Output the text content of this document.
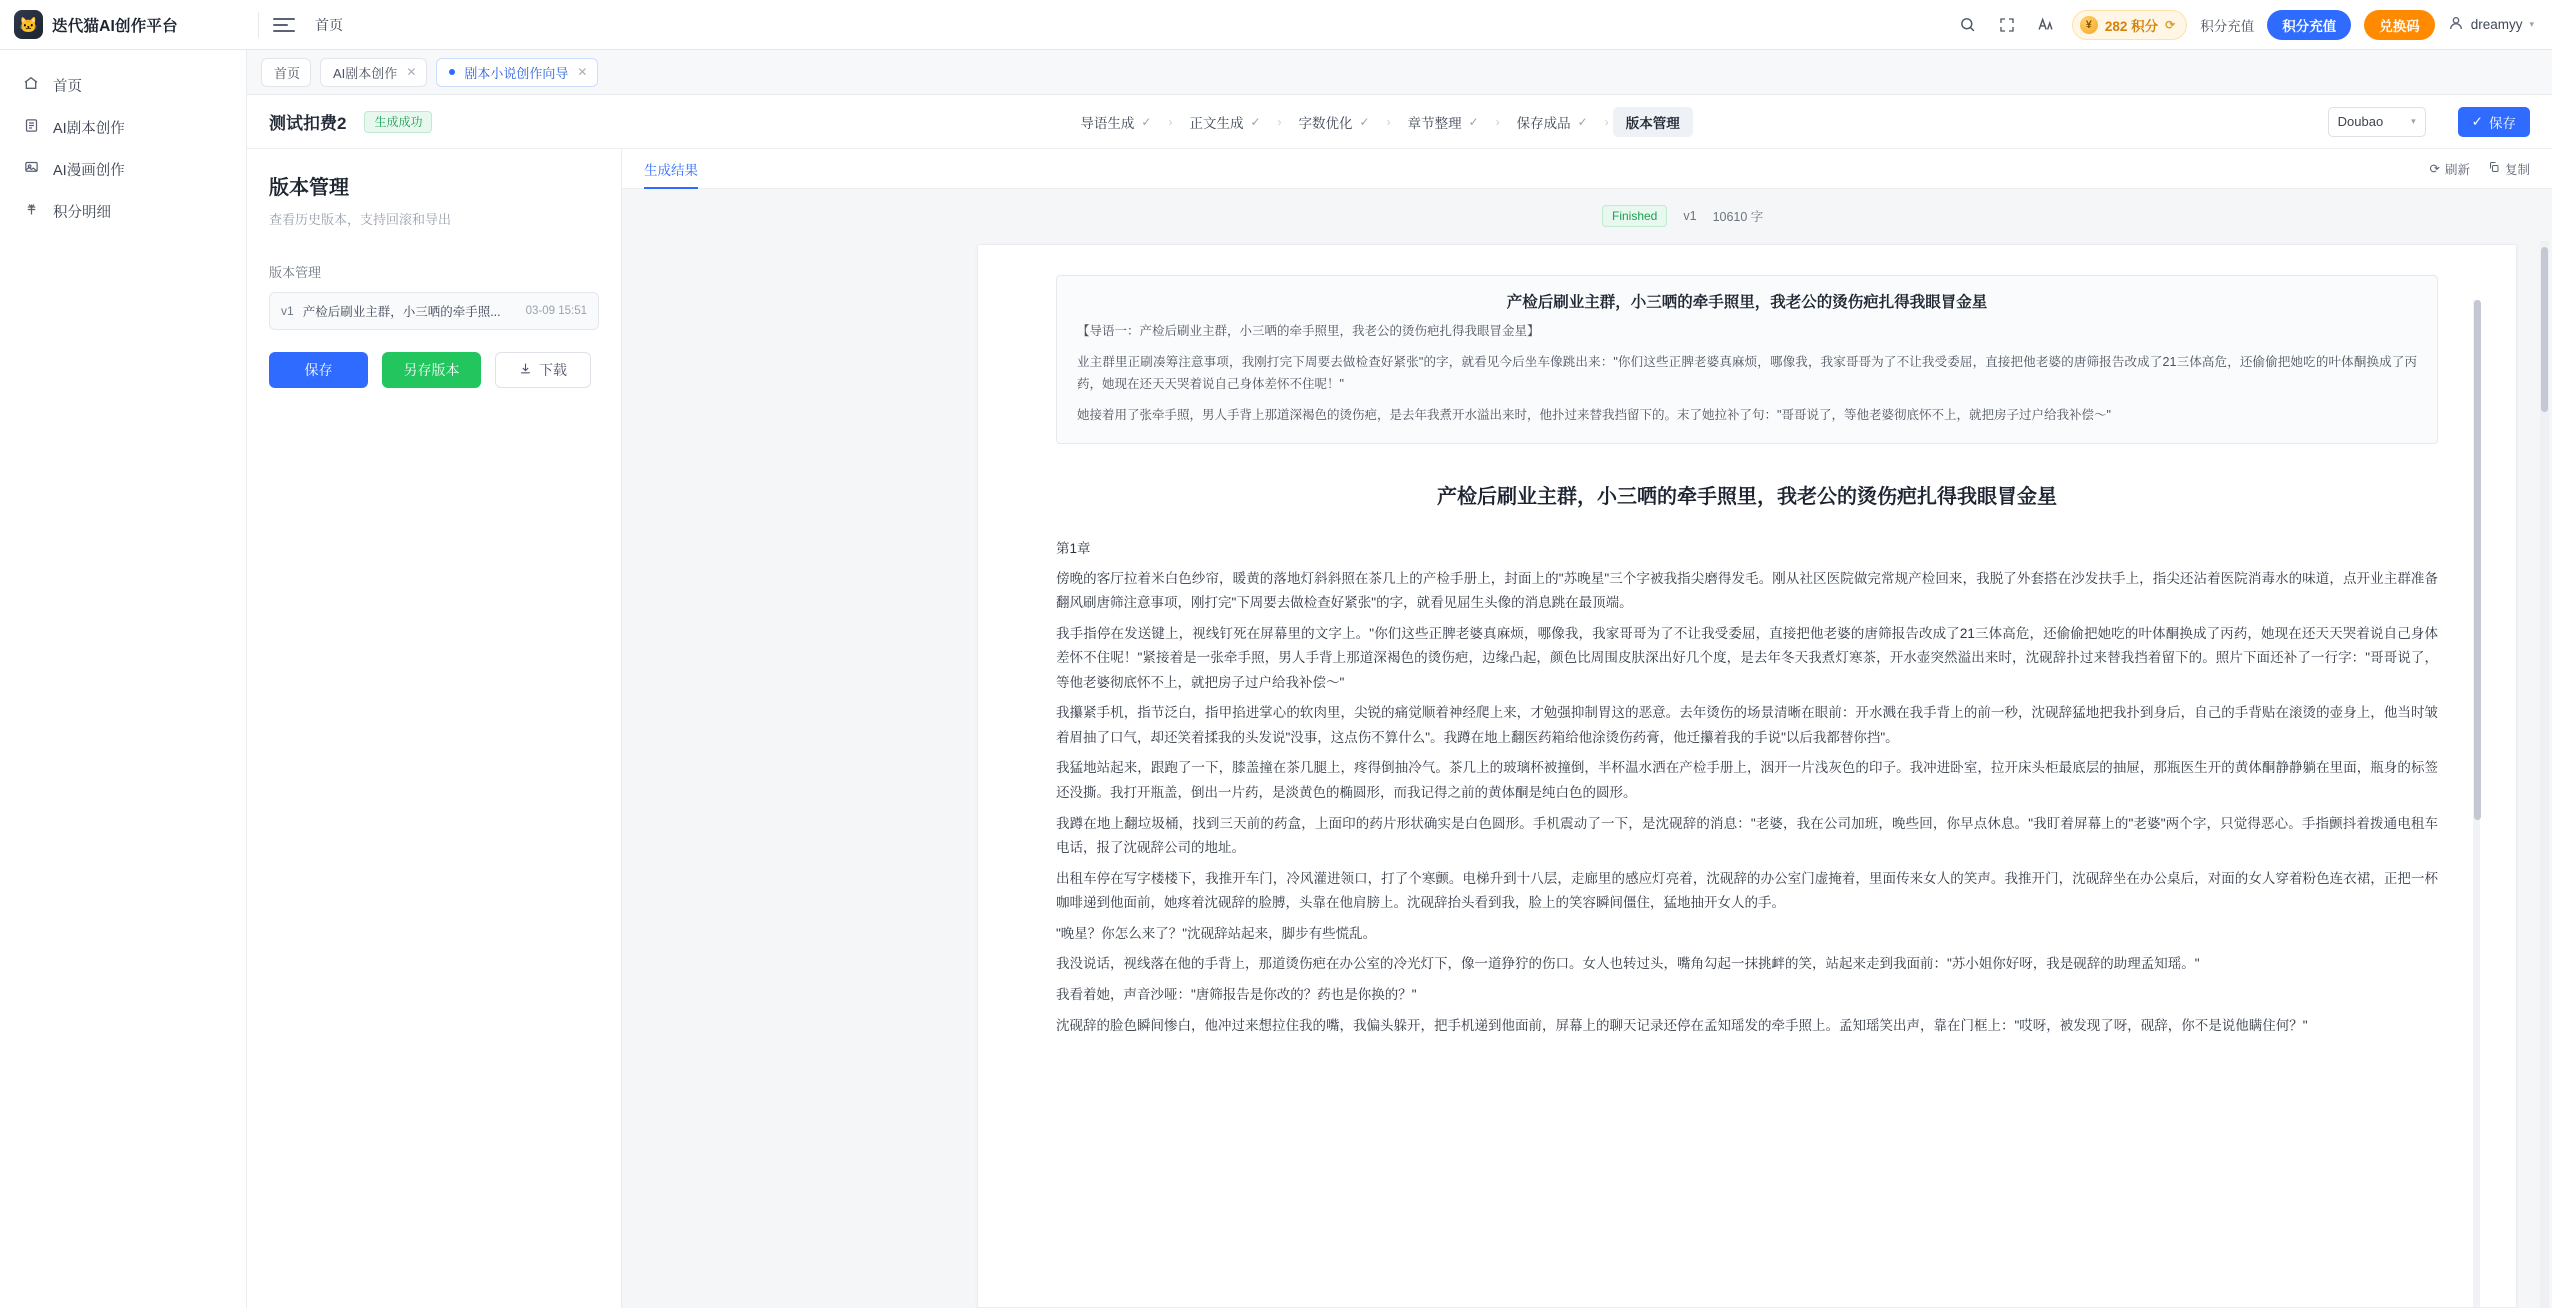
🐱 迭代猫AI创作平台	首页	¥ 282 积分 ⟳ 积分充值	积分充值	兑换码	dreamyy ▾
首页
AI剧本创作
AI漫画创作
积分明细
首页	AI剧本创作 ✕	剧本小说创作向导 ✕
测试扣费2	生成成功	导语生成 ✓ › 正文生成 ✓ › 字数优化 ✓ › 章节整理 ✓ › 保存成品 ✓ › 版本管理	Doubao	▾	✓ 保存
版本管理
查看历史版本，支持回滚和导出
版本管理
v1 产检后刷业主群，小三哂的牵手照...	03-09 15:51
保存	另存版本	下载
生成结果	⟳ 刷新	复制
Finished	v1 10610 字
产检后刷业主群，小三哂的牵手照里，我老公的烫伤疤扎得我眼冒金星

【导语一：产检后刷业主群，小三哂的牵手照里，我老公的烫伤疤扎得我眼冒金星】

业主群里正刷凑筹注意事项，我刚打完下周要去做检查好紧张"的字，就看见今后坐车像跳出来："你们这些正脾老婆真麻烦，哪像我，我家哥哥为了不让我受委屈，直接把他老婆的唐筛报告改成了21三体高危，还偷偷把她吃的叶体酮换成了丙药，她现在还天天哭着说自己身体差怀不住呢！"

她接着用了张牵手照，男人手背上那道深褐色的烫伤疤，是去年我煮开水溢出来时，他扑过来替我挡留下的。末了她拉补了句："哥哥说了，等他老婆彻底怀不上，就把房子过户给我补偿～"

产检后刷业主群，小三哂的牵手照里，我老公的烫伤疤扎得我眼冒金星
第1章

傍晚的客厅拉着米白色纱帘，暖黄的落地灯斜斜照在茶几上的产检手册上，封面上的"苏晚星"三个字被我指尖磨得发毛。刚从社区医院做完常规产检回来，我脱了外套搭在沙发扶手上，指尖还沾着医院消毒水的味道，点开业主群准备翻风刷唐筛注意事项，刚打完"下周要去做检查好紧张"的字，就看见屈生头像的消息跳在最顶端。

我手指停在发送键上，视线钉死在屏幕里的文字上。"你们这些正脾老婆真麻烦，哪像我，我家哥哥为了不让我受委屈，直接把他老婆的唐筛报告改成了21三体高危，还偷偷把她吃的叶体酮换成了丙药，她现在还天天哭着说自己身体差怀不住呢！"紧接着是一张牵手照，男人手背上那道深褐色的烫伤疤，边缘凸起，颜色比周围皮肤深出好几个度，是去年冬天我煮灯寒茶，开水壶突然溢出来时，沈砚辞扑过来替我挡着留下的。照片下面还补了一行字："哥哥说了，等他老婆彻底怀不上，就把房子过户给我补偿～"

我攥紧手机，指节泛白，指甲掐进掌心的软肉里，尖锐的痛觉顺着神经爬上来，才勉强抑制胃这的恶意。去年烫伤的场景清晰在眼前：开水溅在我手背上的前一秒，沈砚辞猛地把我扑到身后，自己的手背贴在滚烫的壶身上，他当时皱着眉抽了口气，却还笑着揉我的头发说"没事，这点伤不算什么"。我蹲在地上翻医药箱给他涂烫伤药膏，他迁攥着我的手说"以后我都替你挡"。

我猛地站起来，跟跑了一下，膝盖撞在茶几腿上，疼得倒抽冷气。茶几上的玻璃杯被撞倒，半杯温水洒在产检手册上，洇开一片浅灰色的印子。我冲进卧室，拉开床头柜最底层的抽屉，那瓶医生开的黄体酮静静躺在里面，瓶身的标签还没撕。我打开瓶盖，倒出一片药，是淡黄色的椭圆形，而我记得之前的黄体酮是纯白色的圆形。

我蹲在地上翻垃圾桶，找到三天前的药盒，上面印的药片形状确实是白色圆形。手机震动了一下，是沈砚辞的消息："老婆，我在公司加班，晚些回，你早点休息。"我盯着屏幕上的"老婆"两个字，只觉得恶心。手指颤抖着拨通电租车电话，报了沈砚辞公司的地址。

出租车停在写字楼楼下，我推开车门，冷风灌进领口，打了个寒颤。电梯升到十八层，走廊里的感应灯亮着，沈砚辞的办公室门虚掩着，里面传来女人的笑声。我推开门，沈砚辞坐在办公桌后，对面的女人穿着粉色连衣裙，正把一杯咖啡递到他面前，她疼着沈砚辞的脸膊，头靠在他肩膀上。沈砚辞抬头看到我，脸上的笑容瞬间僵住，猛地抽开女人的手。

"晚星？你怎么来了？"沈砚辞站起来，脚步有些慌乱。

我没说话，视线落在他的手背上，那道烫伤疤在办公室的冷光灯下，像一道狰狞的伤口。女人也转过头，嘴角勾起一抹挑衅的笑，站起来走到我面前："苏小姐你好呀，我是砚辞的助理孟知瑶。"

我看着她，声音沙哑："唐筛报告是你改的？药也是你换的？"

沈砚辞的脸色瞬间惨白，他冲过来想拉住我的嘴，我偏头躲开，把手机递到他面前，屏幕上的聊天记录还停在孟知瑶发的牵手照上。孟知瑶笑出声，靠在门框上："哎呀，被发现了呀，砚辞，你不是说他瞒住何？"
